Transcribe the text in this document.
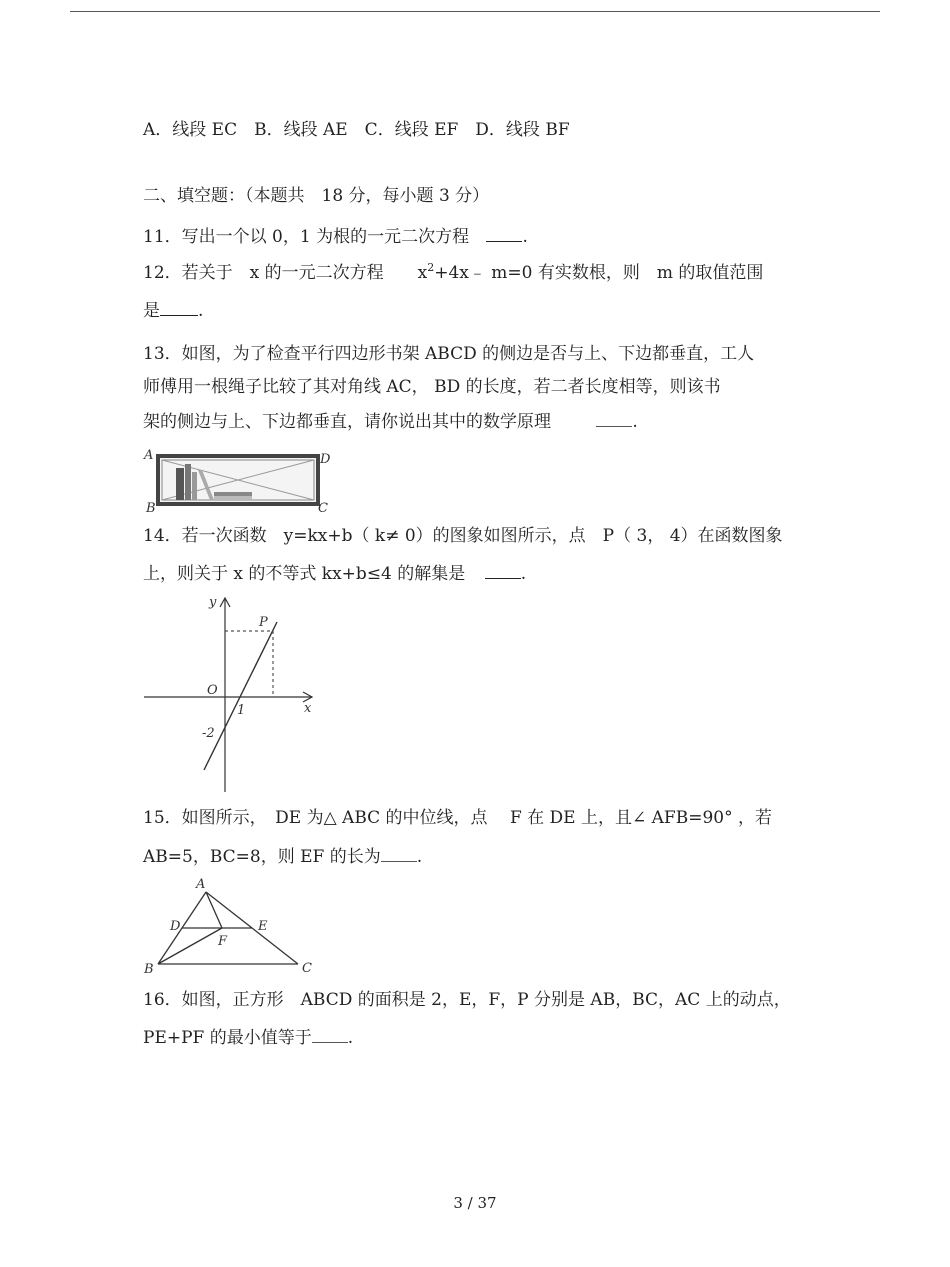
A．线段 EC　B．线段 AE　C．线段 EF　D．线段 BF
二、填空题：（本题共　18 分，每小题 3 分）
11．写出一个以 0，1 为根的一元二次方程	.
12．若关于　x 的一元二次方程　　$x^2+4x﹣$ m=0 有实数根，则　m 的取值范围
是 .
13．如图，为了检查平行四边形书架 ABCD 的侧边是否与上、下边都垂直，工人
师傅用一根绳子比较了其对角线 AC， BD 的长度，若二者长度相等，则该书
架的侧边与上、下边都垂直，请你说出其中的数学原理	.
A	D
B	C
14．若一次函数　y=kx+b（ k≠ 0）的图象如图所示，点　P（ 3， 4）在函数图象
上，则关于 x 的不等式 kx+b≤4 的解集是	.
y
x
P
O
1
-2
15．如图所示，　DE 为△ ABC 的中位线，点　 F 在 DE 上，且∠ AFB=90° ，若
AB=5，BC=8，则 EF 的长为 .
A
D	E
F
B	C
16．如图，正方形　ABCD 的面积是 2，E，F，P 分别是 AB，BC，AC 上的动点，
PE+PF 的最小值等于 .
3 / 37
